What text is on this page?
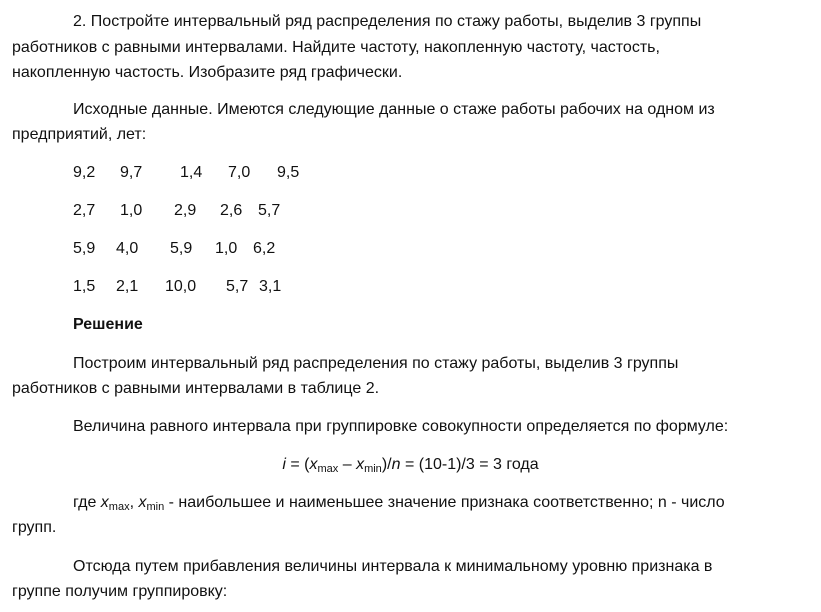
2. Постройте интервальный ряд распределения по стажу работы, выделив 3 группы
работников с равными интервалами. Найдите частоту, накопленную частоту, частость,
накопленную частость. Изобразите ряд графически.
Исходные данные. Имеются следующие данные о стаже работы рабочих на одном из
предприятий, лет:
9,2 9,7 1,4 7,0 9,5
2,7 1,0 2,9 2,6 5,7
5,9 4,0 5,9 1,0 6,2
1,5 2,1 10,0 5,7 3,1
Решение
Построим интервальный ряд распределения по стажу работы, выделив 3 группы
работников с равными интервалами в таблице 2.
Величина равного интервала при группировке совокупности определяется по формуле:
$i = (x_{max} - x_{min})/n = (10-1)/3 = 3$ года
где $x_{max}$, $x_{min}$ - наибольшее и наименьшее значение признака соответственно; n - число
групп.
Отсюда путем прибавления величины интервала к минимальному уровню признака в
группе получим группировку:
